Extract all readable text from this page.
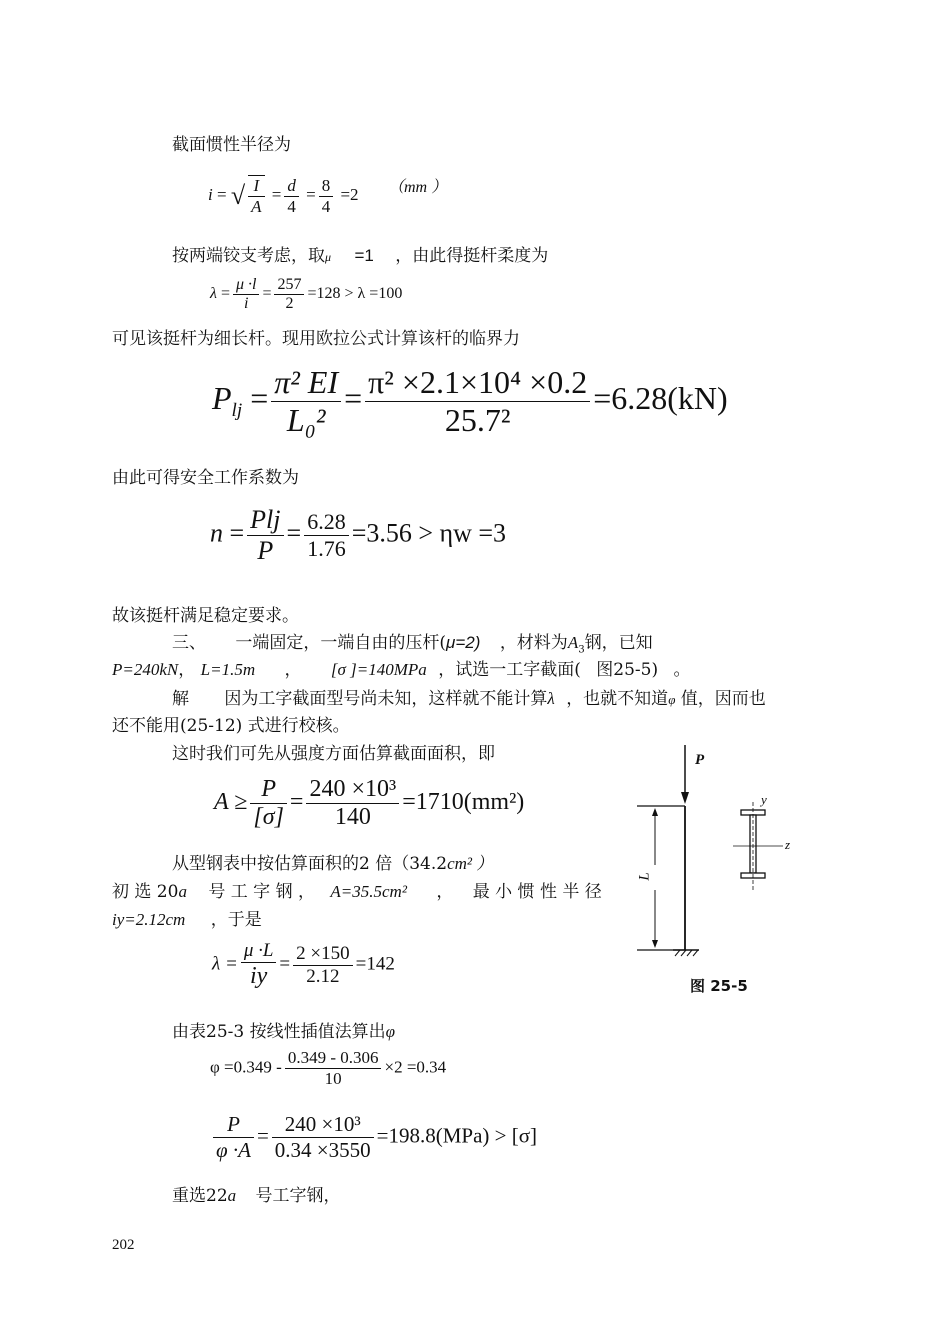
截面惯性半径为
i = √ $\frac{I}{A} = \frac{d}{4} = \frac{8}{4} =2$ （mm ）
按两端铰支考虑，取μ =1 ，由此得挺杆柔度为
$\lambda = \frac{\mu \cdot l}{i} = \frac{257}{2} =128 > \lambda =100$
可见该挺杆为细长杆。现用欧拉公式计算该杆的临界力
$P_{lj} = \frac{\text{π² EI}}{\text{L₀²}} = \frac{\text{π² ×2.1×10⁴ ×0.2}}{\text{25.7²}} =6.28(kN)$
由此可得安全工作系数为
n = Plj
P
= $\frac{6.28}{1.76} =3.56 > \eta w =3$
故该挺杆满足稳定要求。
三、 一端固定，一端自由的压杆(μ=2) ，材料为$A_3$钢，已知
P=240kN， L=1.5m ， [σ ]=140MPa ，试选一工字截面( 图25-5) 。
解 因为工字截面型号尚未知，这样就不能计算λ ，也就不知道φ 值，因而也
还不能用(25-12) 式进行校核。
这时我们可先从强度方面估算截面面积，即
$A \ge \frac{P}{[\sigma]} = \frac{\text{240 ×10³}}{140} =1710(mm^2)$
从型钢表中按估算面积的2 倍（34.2cm² ）
初 选 20a 号 工 字 钢 ， A=35.5cm² ， 最 小 惯 性 半 径
iy=2.12cm ，于是
λ =
μ ·L
iy = $\frac{2 \times 150}{2.12} =142$
由表25-3 按线性插值法算出φ
$\varphi =0.349 - \frac{0.349 - 0.306}{10} \times 2 =0.34$
$\frac{P}{\varphi \cdot A} = \frac{\text{240 ×10³}}{0.34 \times 3550} =198.8(MPa) > [\sigma]$
重选22a 号工字钢，
202
P
L
y
z
图 25-5
